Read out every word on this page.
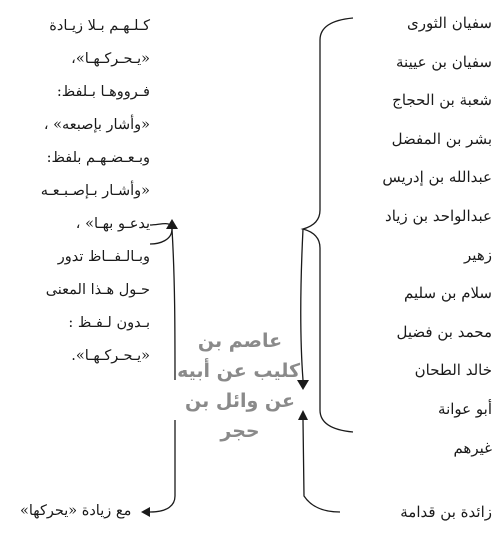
سفيان الثورى
سفيان بن عيينة
شعبة بن الحجاج
بشر بن المفضل
عبدالله بن إدريس
عبدالواحد بن زياد
زهير
سلام بن سليم
محمد بن فضيل
خالد الطحان
أبو عوانة
غيرهم
زائدة بن قدامة
عاصم بن
كليب عن أبيه
عن وائل بن
حجر
كـلـهـم بـلا زيـادة
«يـحـركـهـا»،
فـرووهـا بـلفظ:
«وأشار بإصبعه» ،
وبـعـضـهـم بلفظ:
«وأشـار بـإصـبـعـه
يدعـو بهـا» ،
وبـالـفــاظ تدور
حـول هـذا المعنى
بـدون لـفـظ :
«يـحـركـهـا».
مع زيادة «يحركها»
